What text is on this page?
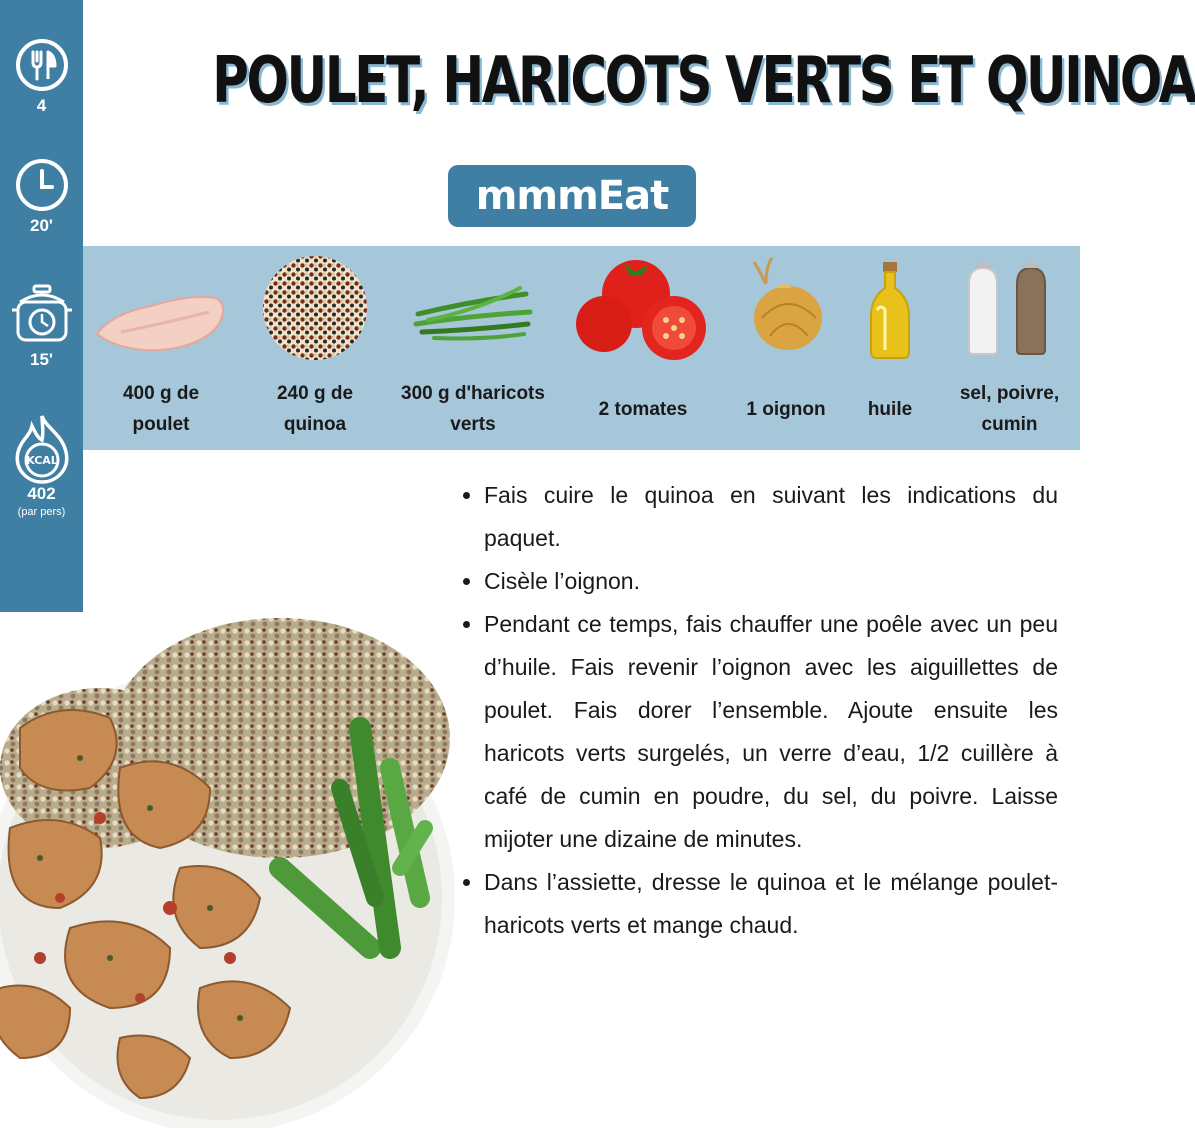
4
20'
15'
KCAL
402
(par pers)
POULET, HARICOTS VERTS ET QUINOA
mmmEat
400 g de
poulet
240 g de
quinoa
300 g d'haricots
verts
2 tomates	1 oignon huile

sel, poivre,
cumin
Fais cuire le quinoa en suivant les indications du paquet.
Cisèle l’oignon.
Pendant ce temps, fais chauffer une poêle avec un peu d’huile. Fais revenir l’oignon avec les aiguillettes de poulet. Fais dorer l’ensemble. Ajoute ensuite les haricots verts surgelés, un verre d’eau, 1/2 cuillère à café de cumin en poudre, du sel, du poivre. Laisse mijoter une dizaine de minutes.
Dans l’assiette, dresse le quinoa et le mélange poulet-haricots verts et mange chaud.
